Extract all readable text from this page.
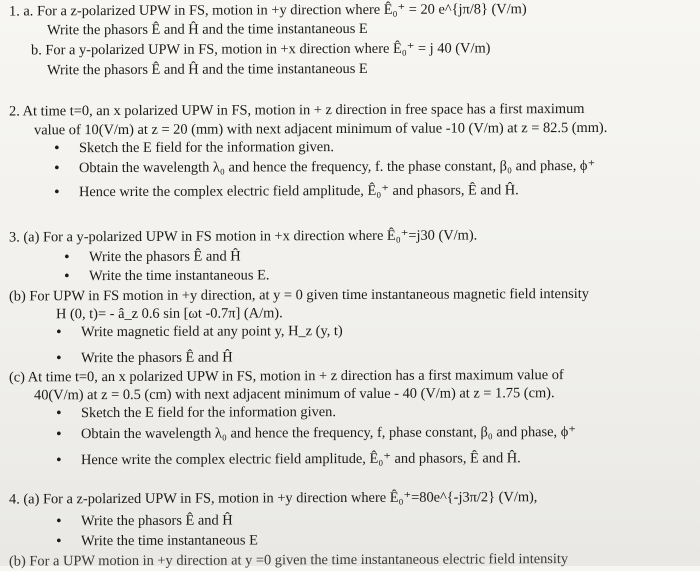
1. a. For a z-polarized UPW in FS, motion in +y direction where Ê₀⁺ = 20 e^{jπ/8} (V/m)
Write the phasors Ê and Ĥ and the time instantaneous E
b. For a y-polarized UPW in FS, motion in +x direction where Ê₀⁺ = j 40 (V/m)
Write the phasors Ê and Ĥ and the time instantaneous E
2. At time t=0, an x polarized UPW in FS, motion in + z direction in free space has a first maximum
value of 10(V/m) at z = 20 (mm) with next adjacent minimum of value -10 (V/m) at z = 82.5 (mm).
• Sketch the E field for the information given.
• Obtain the wavelength λ₀ and hence the frequency, f. the phase constant, β₀ and phase, ϕ⁺
• Hence write the complex electric field amplitude, Ê₀⁺ and phasors, Ê and Ĥ.
3. (a) For a y-polarized UPW in FS motion in +x direction where Ê₀⁺=j30 (V/m).
• Write the phasors Ê and Ĥ
• Write the time instantaneous E.
(b) For UPW in FS motion in +y direction, at y = 0 given time instantaneous magnetic field intensity
H (0, t)= - â_z 0.6 sin [ωt -0.7π] (A/m).
• Write magnetic field at any point y, H_z (y, t)
• Write the phasors Ê and Ĥ
(c) At time t=0, an x polarized UPW in FS, motion in + z direction has a first maximum value of
40(V/m) at z = 0.5 (cm) with next adjacent minimum of value - 40 (V/m) at z = 1.75 (cm).
• Sketch the E field for the information given.
• Obtain the wavelength λ₀ and hence the frequency, f, phase constant, β₀ and phase, ϕ⁺
• Hence write the complex electric field amplitude, Ê₀⁺ and phasors, Ê and Ĥ.
4. (a) For a z-polarized UPW in FS, motion in +y direction where Ê₀⁺=80e^{-j3π/2} (V/m),
• Write the phasors Ê and Ĥ
• Write the time instantaneous E
(b) For a UPW motion in +y direction at y =0 given the time instantaneous electric field intensity
